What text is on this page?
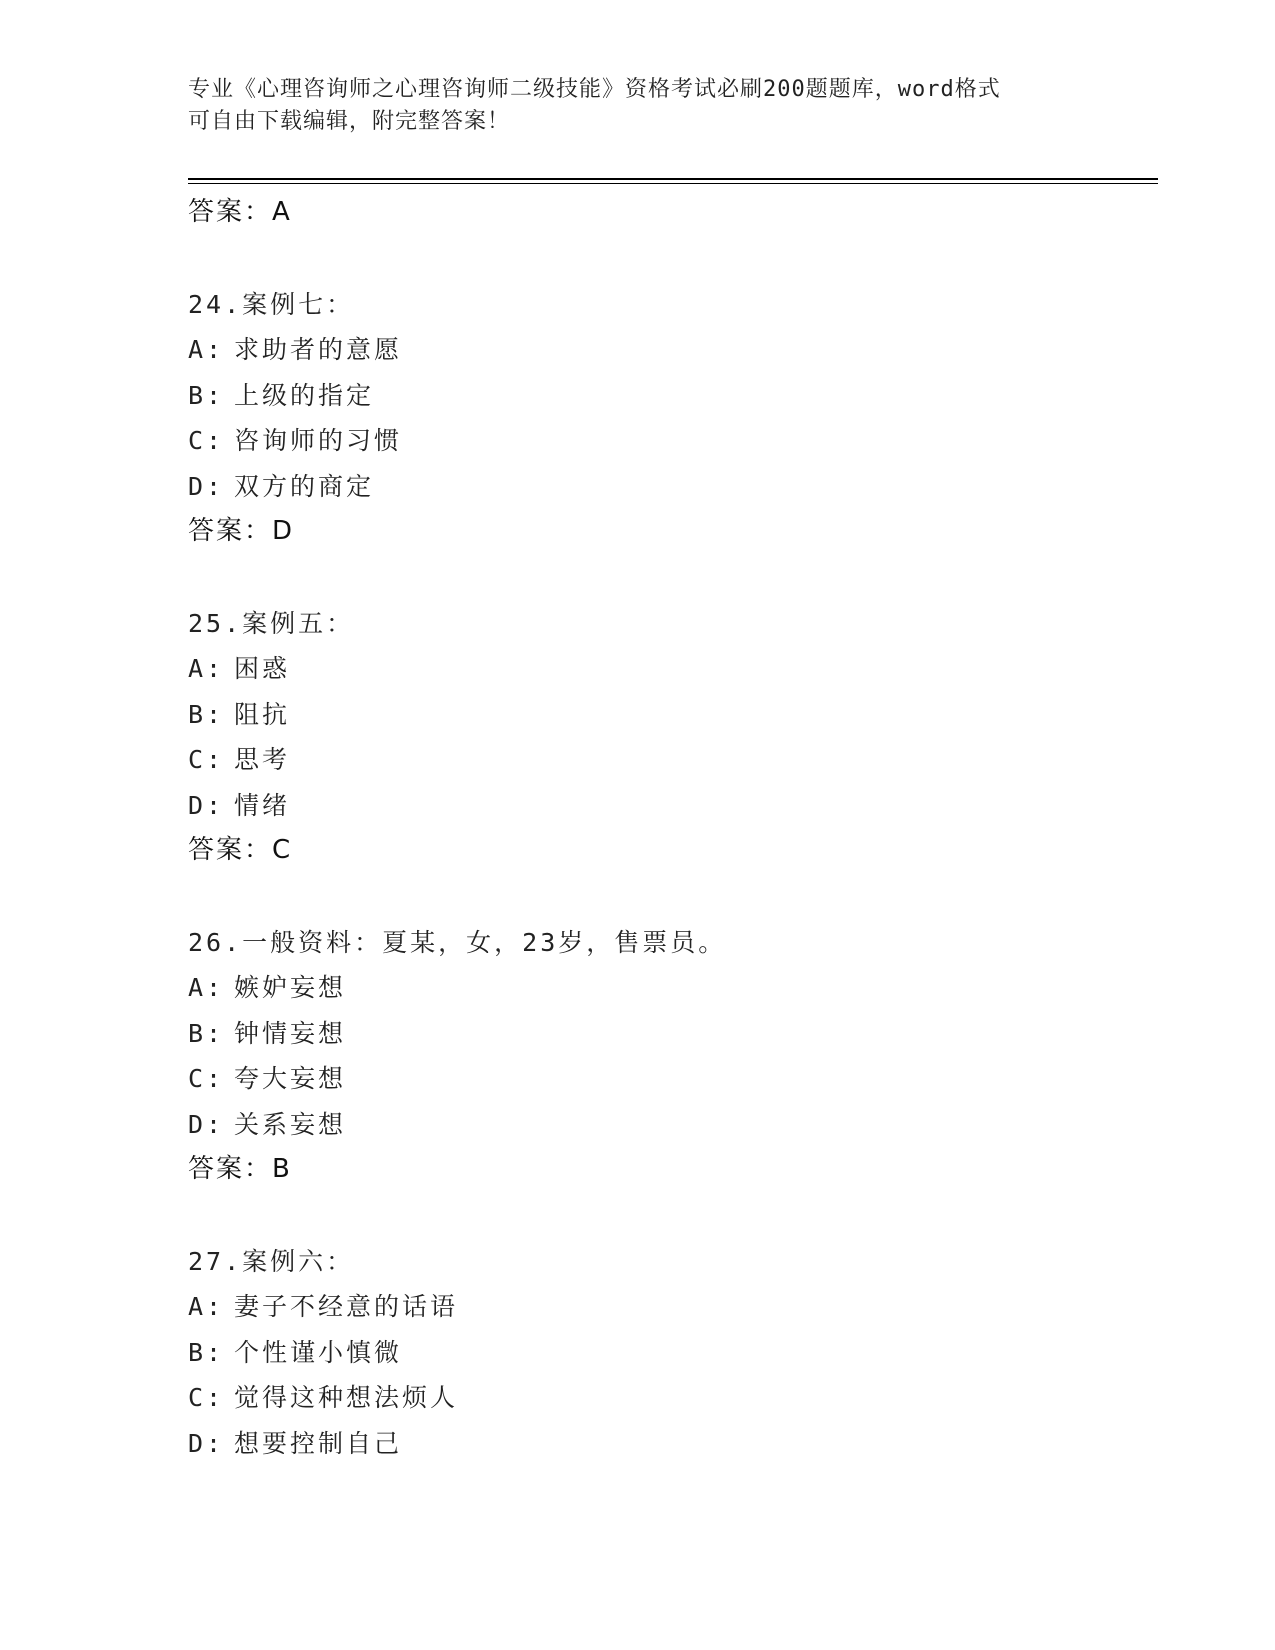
专业《心理咨询师之心理咨询师二级技能》资格考试必刷200题题库，word格式
可自由下载编辑，附完整答案！
答案：A
24.案例七：
A: 求助者的意愿
B: 上级的指定
C: 咨询师的习惯
D: 双方的商定
答案：D
25.案例五：
A: 困惑
B: 阻抗
C: 思考
D: 情绪
答案：C
26.一般资料：夏某，女，23岁，售票员。
A: 嫉妒妄想
B: 钟情妄想
C: 夸大妄想
D: 关系妄想
答案：B
27.案例六：
A: 妻子不经意的话语
B: 个性谨小慎微
C: 觉得这种想法烦人
D: 想要控制自己
